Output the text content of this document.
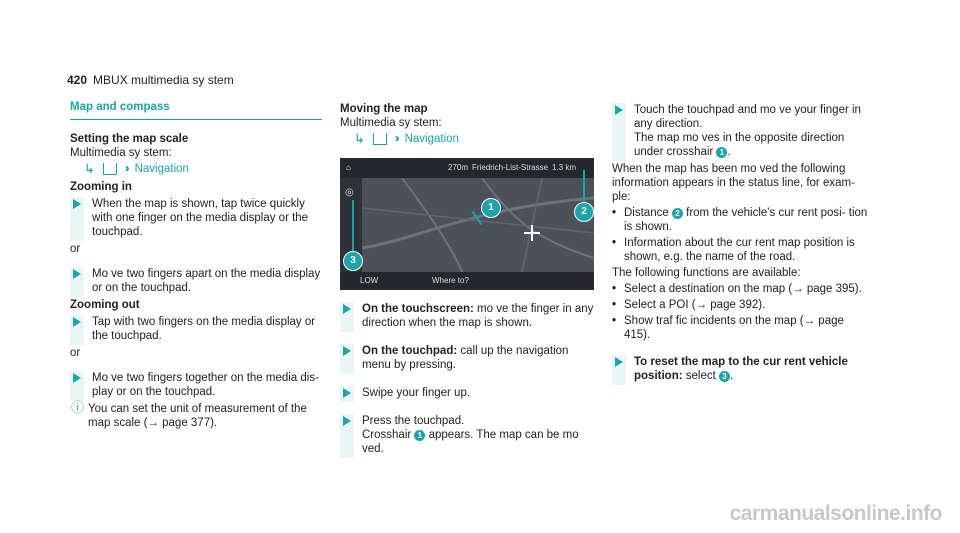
420 MBUX multimedia sy stem
Map and compass
Setting the map scale
Multimedia sy stem:
↳	›› Navigation
Zooming in
When the map is shown, tap twice quickly with one finger on the media display or the touchpad.
or
Mo ve two fingers apart on the media display or on the touchpad.
Zooming out
Tap with two fingers on the media display or the touchpad.
or
Mo ve two fingers together on the media dis- play or on the touchpad.
ⓘ You can set the unit of measurement of the map scale (→ page 377).
Moving the map
Multimedia sy stem:
↳	›› Navigation
⌂	270m Friedrich-List-Strasse 1.3 km
◎
LOW	Where to?
1	2
3
On the touchscreen: mo ve the finger in any direction when the map is shown.
On the touchpad: call up the navigation menu by pressing.
Swipe your finger up.
Press the touchpad.
Crosshair 1 appears. The map can be mo ved.
Touch the touchpad and mo ve your finger in any direction.
The map mo ves in the opposite direction under crosshair 1 .
When the map has been mo ved the following information appears in the status line, for exam- ple:
• Distance 2 from the vehicle's cur rent posi- tion is shown.
• Information about the cur rent map position is shown, e.g. the name of the road.
The following functions are available:
• Select a destination on the map (→ page 395).
• Select a POI (→ page 392).
• Show traf fic incidents on the map (→ page 415).
To reset the map to the cur rent vehicle position: select 3 .
carmanualsonline.info
